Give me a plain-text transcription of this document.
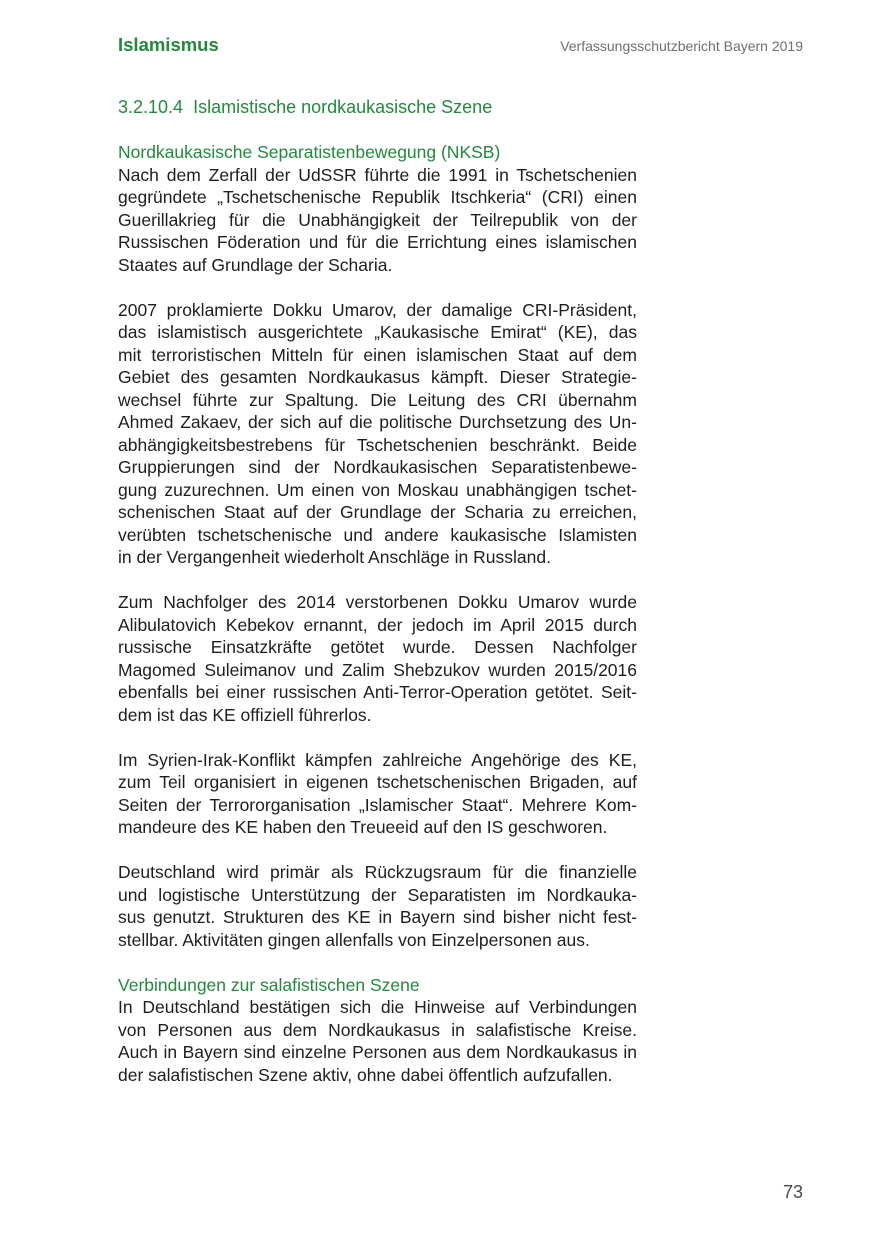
Islamismus	Verfassungsschutzbericht Bayern 2019
3.2.10.4 Islamistische nordkaukasische Szene
Nordkaukasische Separatistenbewegung (NKSB)
Nach dem Zerfall der UdSSR führte die 1991 in Tschetschenien
gegründete „Tschetschenische Republik Itschkeria“ (CRI) einen
Guerillakrieg für die Unabhängigkeit der Teilrepublik von der
Russischen Föderation und für die Errichtung eines islamischen
Staates auf Grundlage der Scharia.
2007 proklamierte Dokku Umarov, der damalige CRI-Präsident,
das islamistisch ausgerichtete „Kaukasische Emirat“ (KE), das
mit terroristischen Mitteln für einen islamischen Staat auf dem
Gebiet des gesamten Nordkaukasus kämpft. Dieser Strategie-
wechsel führte zur Spaltung. Die Leitung des CRI übernahm
Ahmed Zakaev, der sich auf die politische Durchsetzung des Un-
abhängigkeitsbestrebens für Tschetschenien beschränkt. Beide
Gruppierungen sind der Nordkaukasischen Separatistenbewe-
gung zuzurechnen. Um einen von Moskau unabhängigen tschet-
schenischen Staat auf der Grundlage der Scharia zu erreichen,
verübten tschetschenische und andere kaukasische Islamisten
in der Vergangenheit wiederholt Anschläge in Russland.
Zum Nachfolger des 2014 verstorbenen Dokku Umarov wurde
Alibulatovich Kebekov ernannt, der jedoch im April 2015 durch
russische Einsatzkräfte getötet wurde. Dessen Nachfolger
Magomed Suleimanov und Zalim Shebzukov wurden 2015/2016
ebenfalls bei einer russischen Anti-Terror-Operation getötet. Seit-
dem ist das KE offiziell führerlos.
Im Syrien-Irak-Konflikt kämpfen zahlreiche Angehörige des KE,
zum Teil organisiert in eigenen tschetschenischen Brigaden, auf
Seiten der Terrororganisation „Islamischer Staat“. Mehrere Kom-
mandeure des KE haben den Treueeid auf den IS geschworen.
Deutschland wird primär als Rückzugsraum für die finanzielle
und logistische Unterstützung der Separatisten im Nordkauka-
sus genutzt. Strukturen des KE in Bayern sind bisher nicht fest-
stellbar. Aktivitäten gingen allenfalls von Einzelpersonen aus.
Verbindungen zur salafistischen Szene
In Deutschland bestätigen sich die Hinweise auf Verbindungen
von Personen aus dem Nordkaukasus in salafistische Kreise.
Auch in Bayern sind einzelne Personen aus dem Nordkaukasus in
der salafistischen Szene aktiv, ohne dabei öffentlich aufzufallen.
73
